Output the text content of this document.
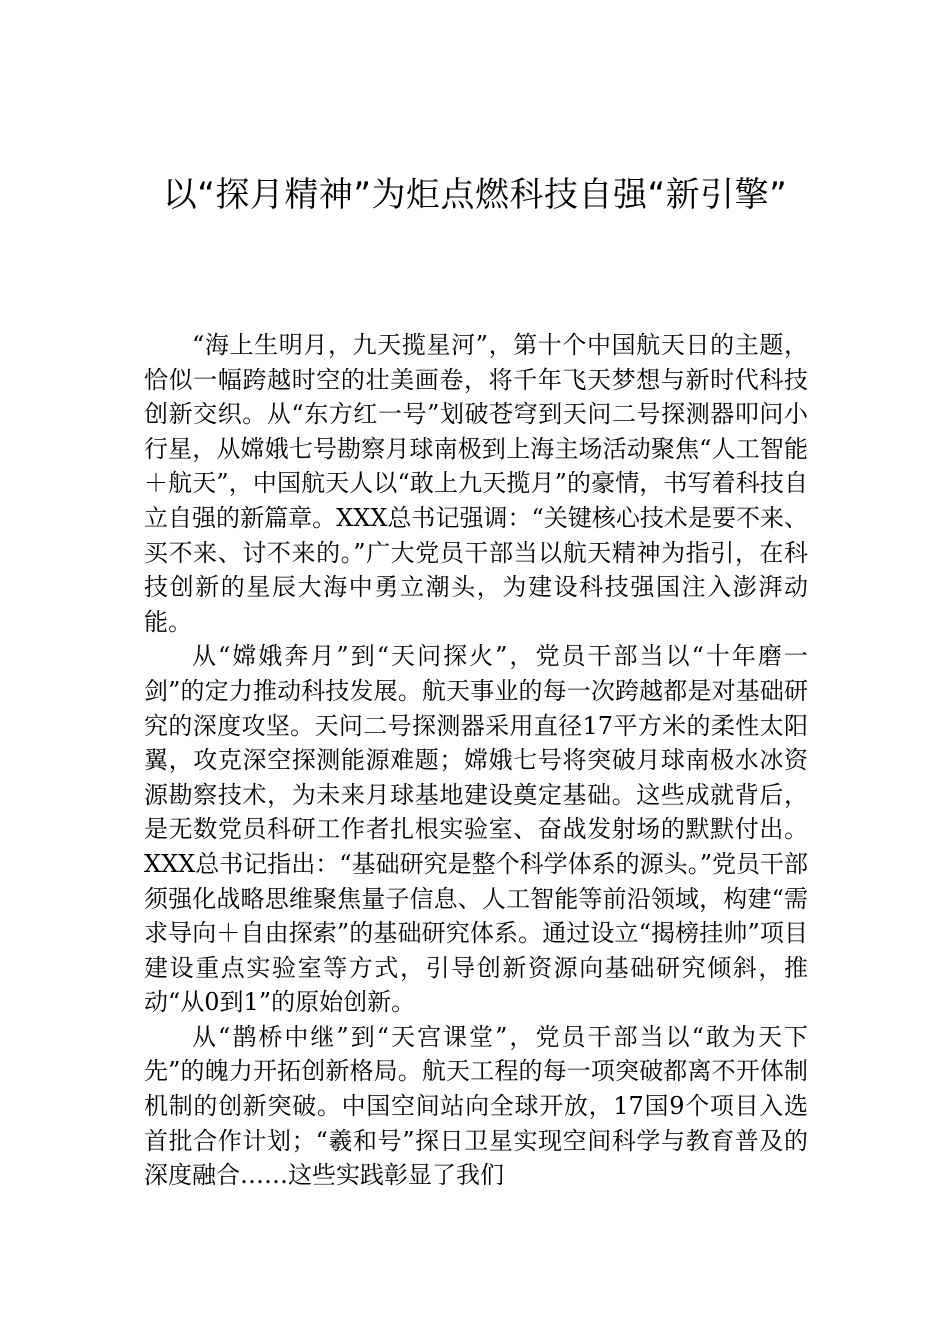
以“探月精神”为炬点燃科技自强“新引擎”

“海上生明月，九天揽星河”，第十个中国航天日的主题，恰似一幅跨越时空的壮美画卷，将千年飞天梦想与新时代科技创新交织。从“东方红一号”划破苍穹到天问二号探测器叩问小行星，从嫦娥七号勘察月球南极到上海主场活动聚焦“人工智能＋航天”，中国航天人以“敢上九天揽月”的豪情，书写着科技自立自强的新篇章。XXX总书记强调：“关键核心技术是要不来、买不来、讨不来的。”广大党员干部当以航天精神为指引，在科技创新的星辰大海中勇立潮头，为建设科技强国注入澎湃动能。

从“嫦娥奔月”到“天问探火”，党员干部当以“十年磨一剑”的定力推动科技发展。航天事业的每一次跨越都是对基础研究的深度攻坚。天问二号探测器采用直径17平方米的柔性太阳翼，攻克深空探测能源难题；嫦娥七号将突破月球南极水冰资源勘察技术，为未来月球基地建设奠定基础。这些成就背后，是无数党员科研工作者扎根实验室、奋战发射场的默默付出。XXX总书记指出：“基础研究是整个科学体系的源头。”党员干部须强化战略思维聚焦量子信息、人工智能等前沿领域，构建“需求导向＋自由探索”的基础研究体系。通过设立“揭榜挂帅”项目建设重点实验室等方式，引导创新资源向基础研究倾斜，推动“从0到1”的原始创新。

从“鹊桥中继”到“天宫课堂”，党员干部当以“敢为天下先”的魄力开拓创新格局。航天工程的每一项突破都离不开体制机制的创新突破。中国空间站向全球开放，17国9个项目入选首批合作计划；“羲和号”探日卫星实现空间科学与教育普及的深度融合……这些实践彰显了我们
